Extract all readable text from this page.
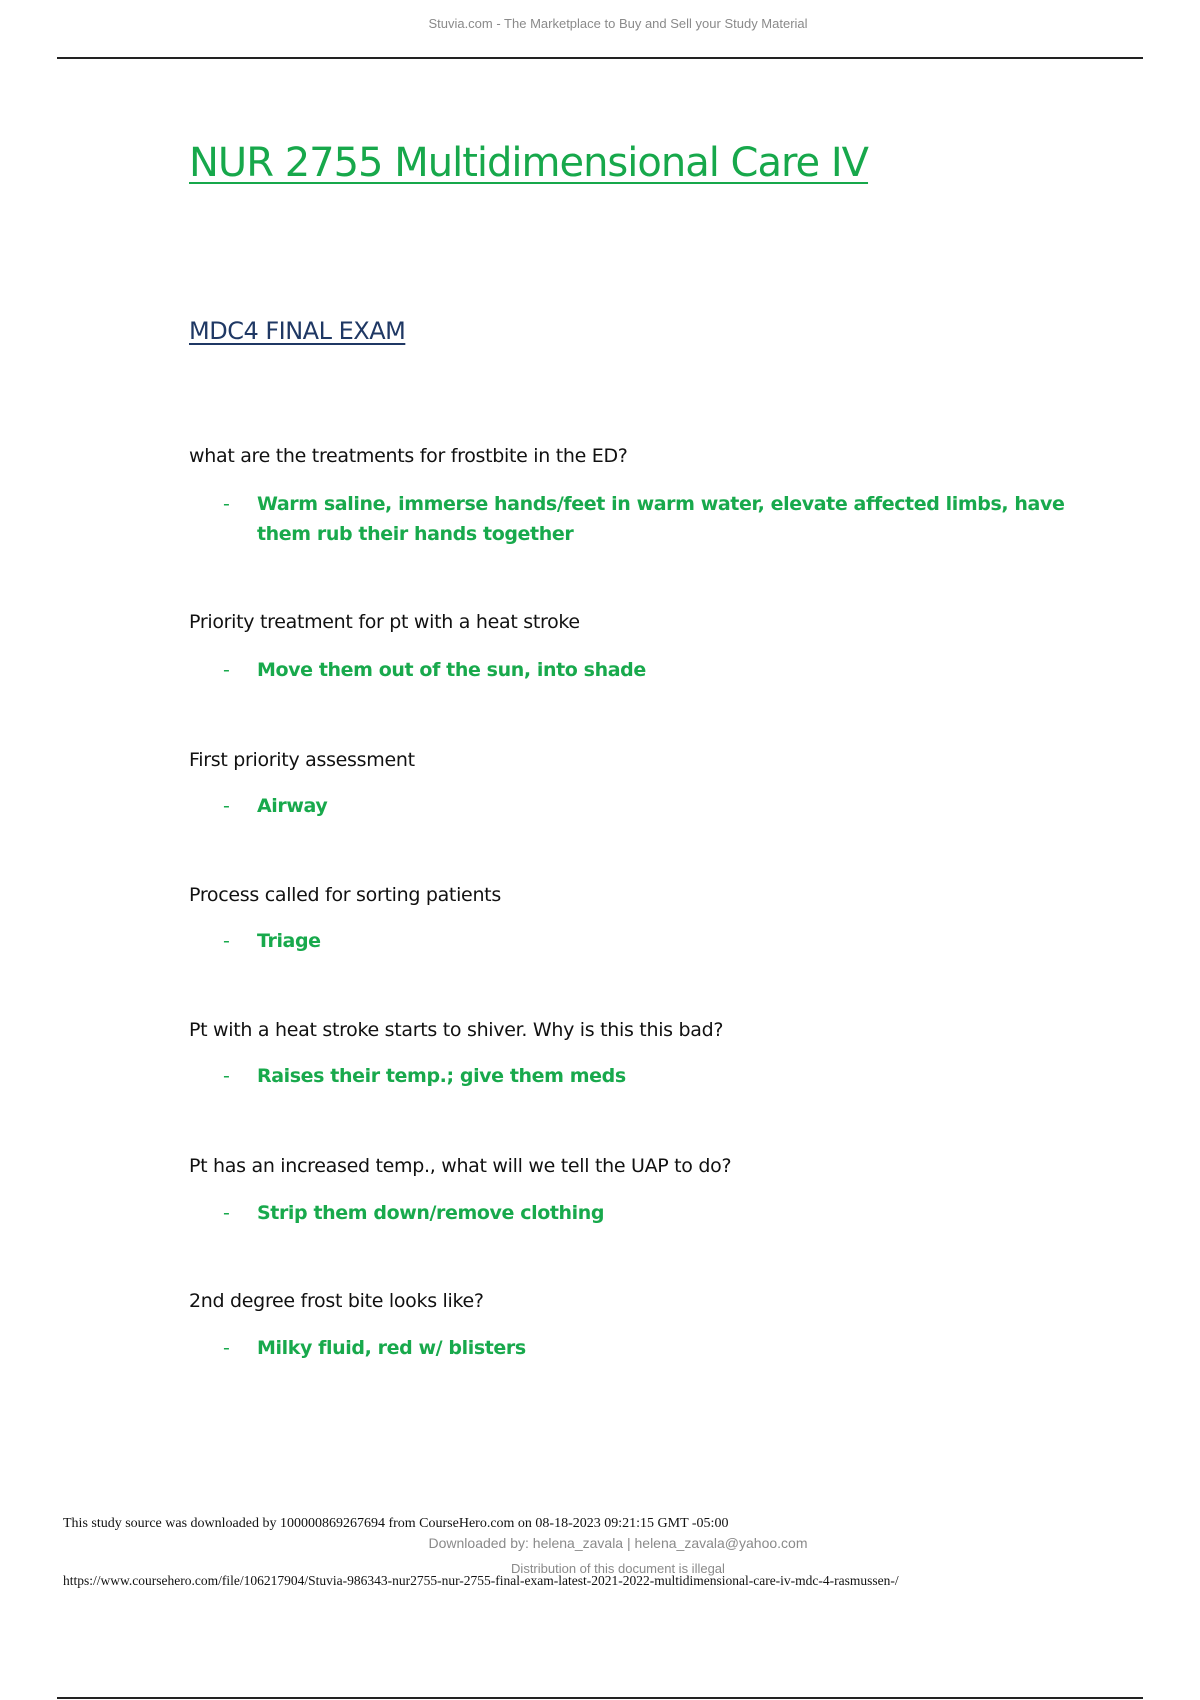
Stuvia.com - The Marketplace to Buy and Sell your Study Material
NUR 2755 Multidimensional Care IV
MDC4 FINAL EXAM

what are the treatments for frostbite in the ED?

- Warm saline, immerse hands/feet in warm water, elevate affected limbs, have them rub their hands together

Priority treatment for pt with a heat stroke

- Move them out of the sun, into shade

First priority assessment

- Airway

Process called for sorting patients

- Triage

Pt with a heat stroke starts to shiver. Why is this this bad?

- Raises their temp.; give them meds

Pt has an increased temp., what will we tell the UAP to do?

- Strip them down/remove clothing

2nd degree frost bite looks like?

- Milky fluid, red w/ blisters
This study source was downloaded by 100000869267694 from CourseHero.com on 08-18-2023 09:21:15 GMT -05:00
Downloaded by: helena_zavala | helena_zavala@yahoo.com
Distribution of this document is illegal
https://www.coursehero.com/file/106217904/Stuvia-986343-nur2755-nur-2755-final-exam-latest-2021-2022-multidimensional-care-iv-mdc-4-rasmussen-/
